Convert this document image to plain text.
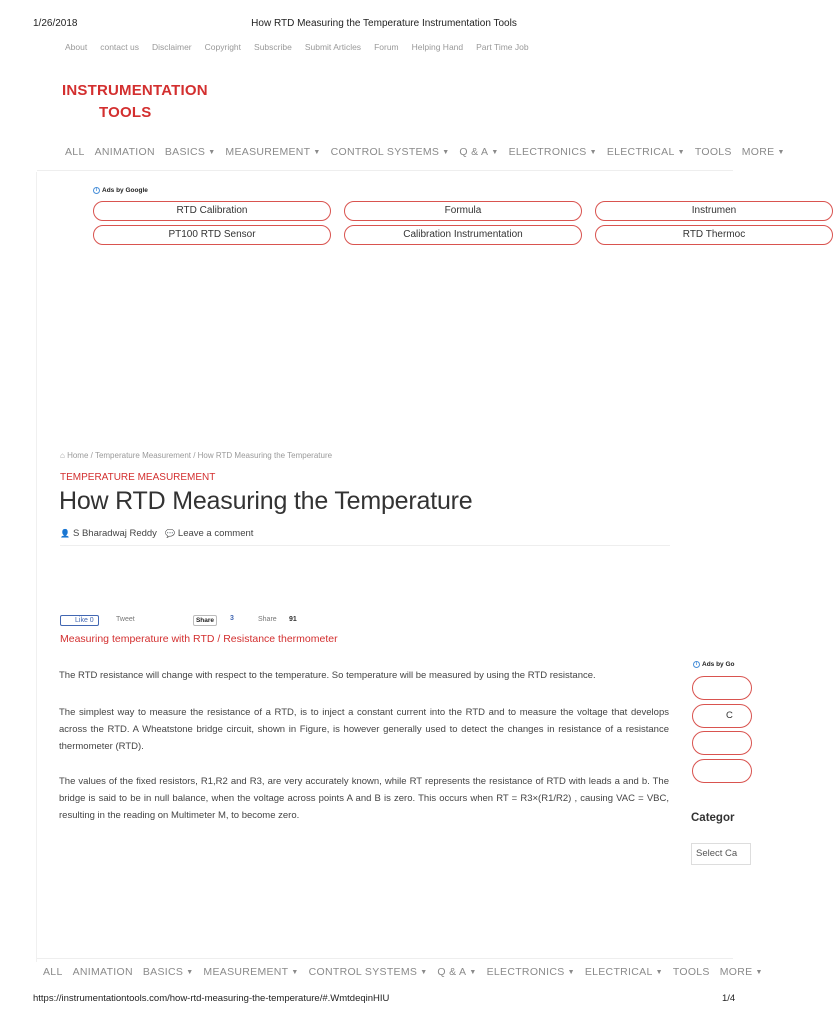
1/26/2018	How RTD Measuring the Temperature Instrumentation Tools
About contact us Disclaimer Copyright Subscribe Submit Articles Forum Helping Hand Part Time Job
INSTRUMENTATION
TOOLS
ALL ANIMATION BASICS ▼ MEASUREMENT ▼ CONTROL SYSTEMS ▼ Q & A ▼ ELECTRONICS ▼ ELECTRICAL ▼ TOOLS MORE ▼
i Ads by Google
RTD Calibration	Formula	Instrumen
PT100 RTD Sensor	Calibration Instrumentation	RTD Thermoc
i Ads by Go
C
Categor
Select Ca
⌂ Home / Temperature Measurement / How RTD Measuring the Temperature
TEMPERATURE MEASUREMENT
How RTD Measuring the Temperature
👤 S Bharadwaj Reddy 💬 Leave a comment
Like 0	Tweet	Share	3	Share 91
Measuring temperature with RTD / Resistance thermometer

The RTD resistance will change with respect to the temperature. So temperature will be measured by using the RTD resistance.

The simplest way to measure the resistance of a RTD, is to inject a constant current into the RTD and to measure the voltage that develops across the RTD. A Wheatstone bridge circuit, shown in Figure, is however generally used to detect the changes in resistance of a resistance thermometer (RTD).

The values of the fixed resistors, R1,R2 and R3, are very accurately known, while RT represents the resistance of RTD with leads a and b. The bridge is said to be in null balance, when the voltage across points A and B is zero. This occurs when RT = R3×(R1/R2) , causing VAC = VBC, resulting in the reading on Multimeter M, to become zero.

ALL ANIMATION BASICS ▼ MEASUREMENT ▼ CONTROL SYSTEMS ▼ Q & A ▼ ELECTRONICS ▼ ELECTRICAL ▼ TOOLS MORE ▼
https://instrumentationtools.com/how-rtd-measuring-the-temperature/#.WmtdeqinHIU	1/4
